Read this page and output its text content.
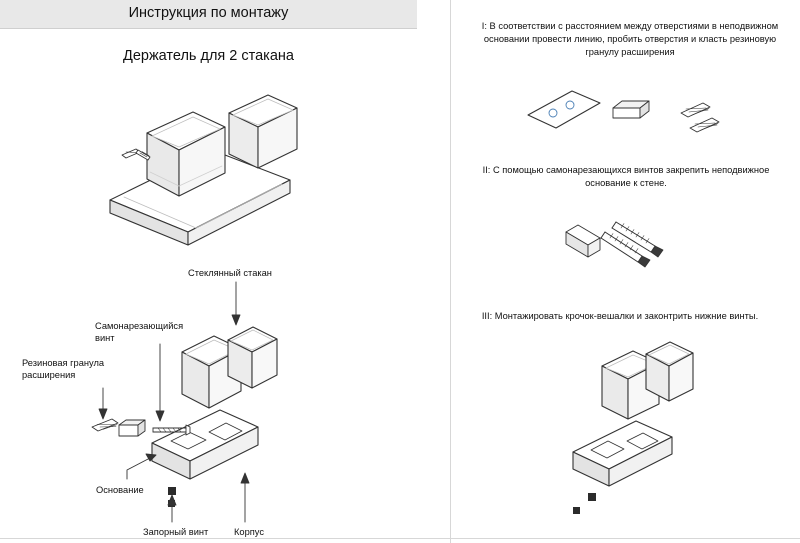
Инструкция по монтажу
Держатель для 2 стакана
I: В соответствии с расстоянием между отверстиями в неподвижном основании провести линию, пробить отверстия и класть резиновую гранулу расширения
II: С помощью самонарезающихся винтов закрепить неподвижное основание к стене.
III: Монтажировать крочок-вешалки и законтрить нижние винты.
Стеклянный стакан
Самонарезающийся винт
Резиновая гранула расширения
Основание
Запорный винт	Корпус
